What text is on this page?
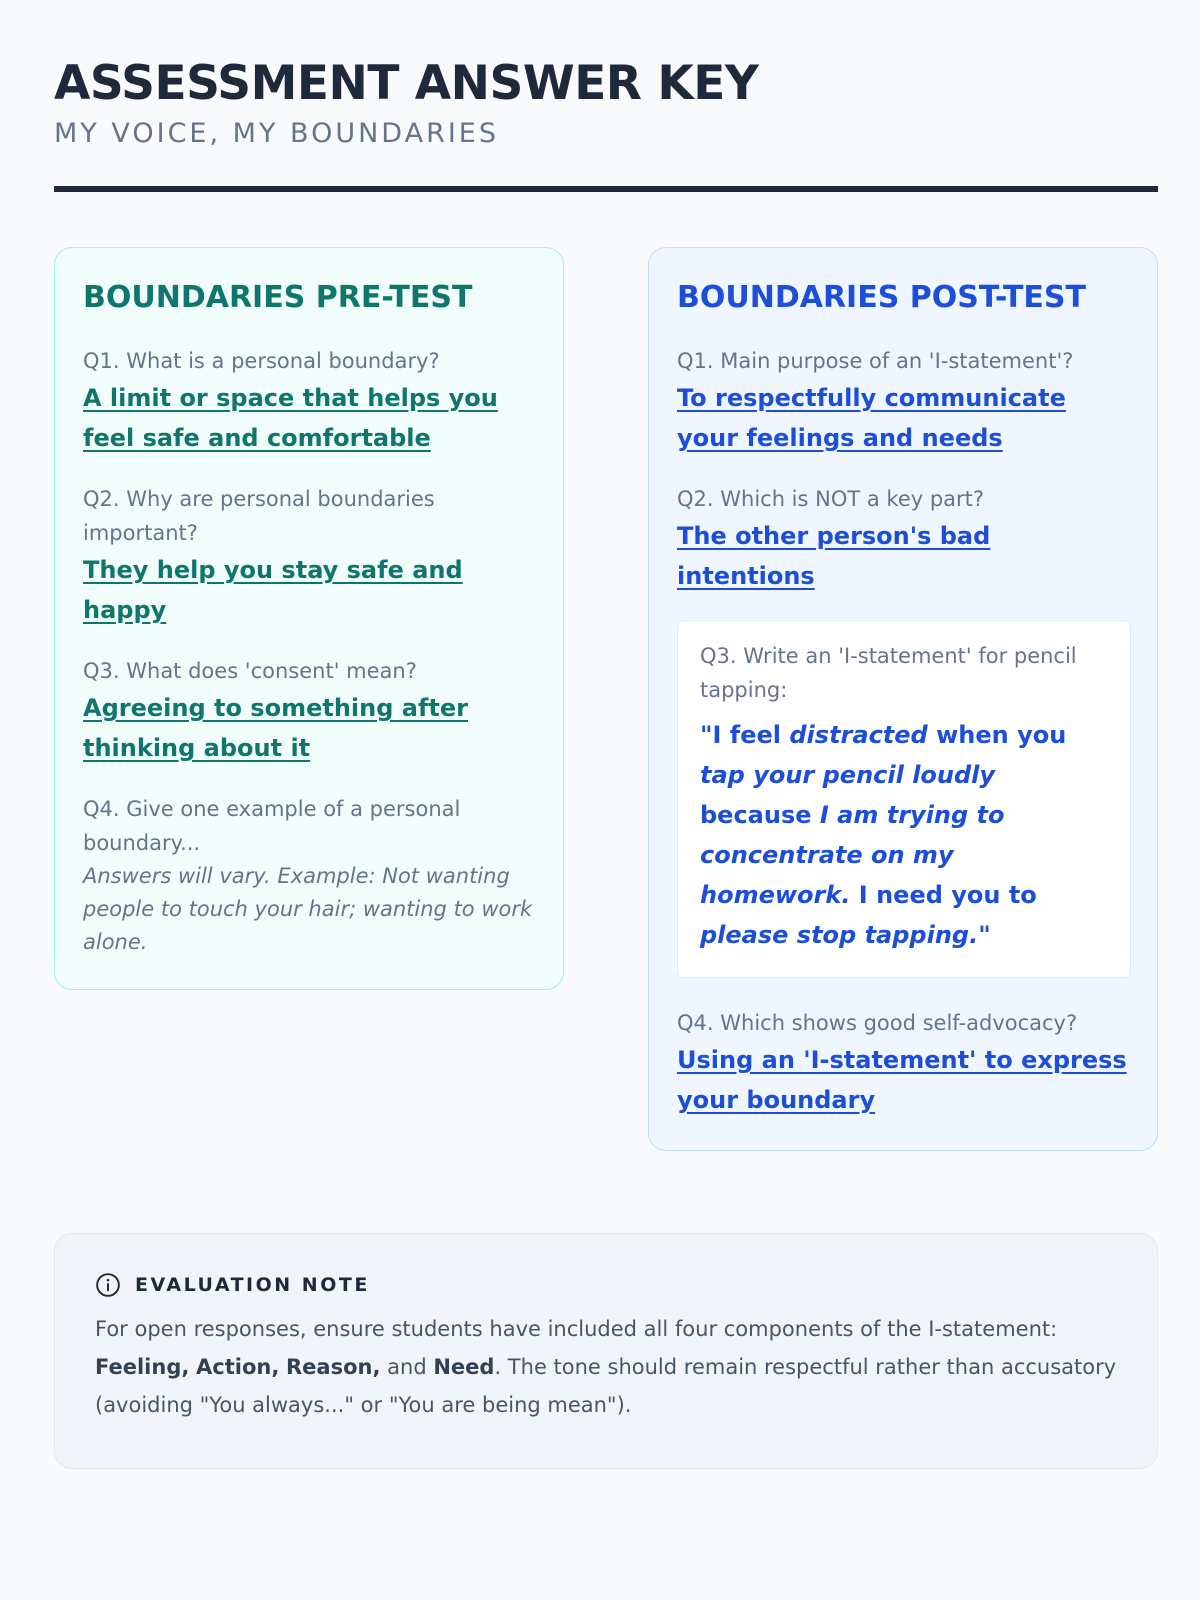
ASSESSMENT ANSWER KEY
MY VOICE, MY BOUNDARIES
BOUNDARIES PRE-TEST
Q1. What is a personal boundary?
A limit or space that helps you feel safe and comfortable
Q2. Why are personal boundaries important?
They help you stay safe and happy
Q3. What does 'consent' mean?
Agreeing to something after thinking about it
Q4. Give one example of a personal boundary...
Answers will vary. Example: Not wanting people to touch your hair; wanting to work alone.
BOUNDARIES POST-TEST
Q1. Main purpose of an 'I-statement'?
To respectfully communicate your feelings and needs
Q2. Which is NOT a key part?
The other person's bad intentions
Q3. Write an 'I-statement' for pencil tapping:
"I feel distracted when you tap your pencil loudly because I am trying to concentrate on my homework. I need you to please stop tapping."
Q4. Which shows good self-advocacy?
Using an 'I-statement' to express your boundary
EVALUATION NOTE
For open responses, ensure students have included all four components of the I-statement: Feeling, Action, Reason, and Need. The tone should remain respectful rather than accusatory (avoiding "You always..." or "You are being mean").
